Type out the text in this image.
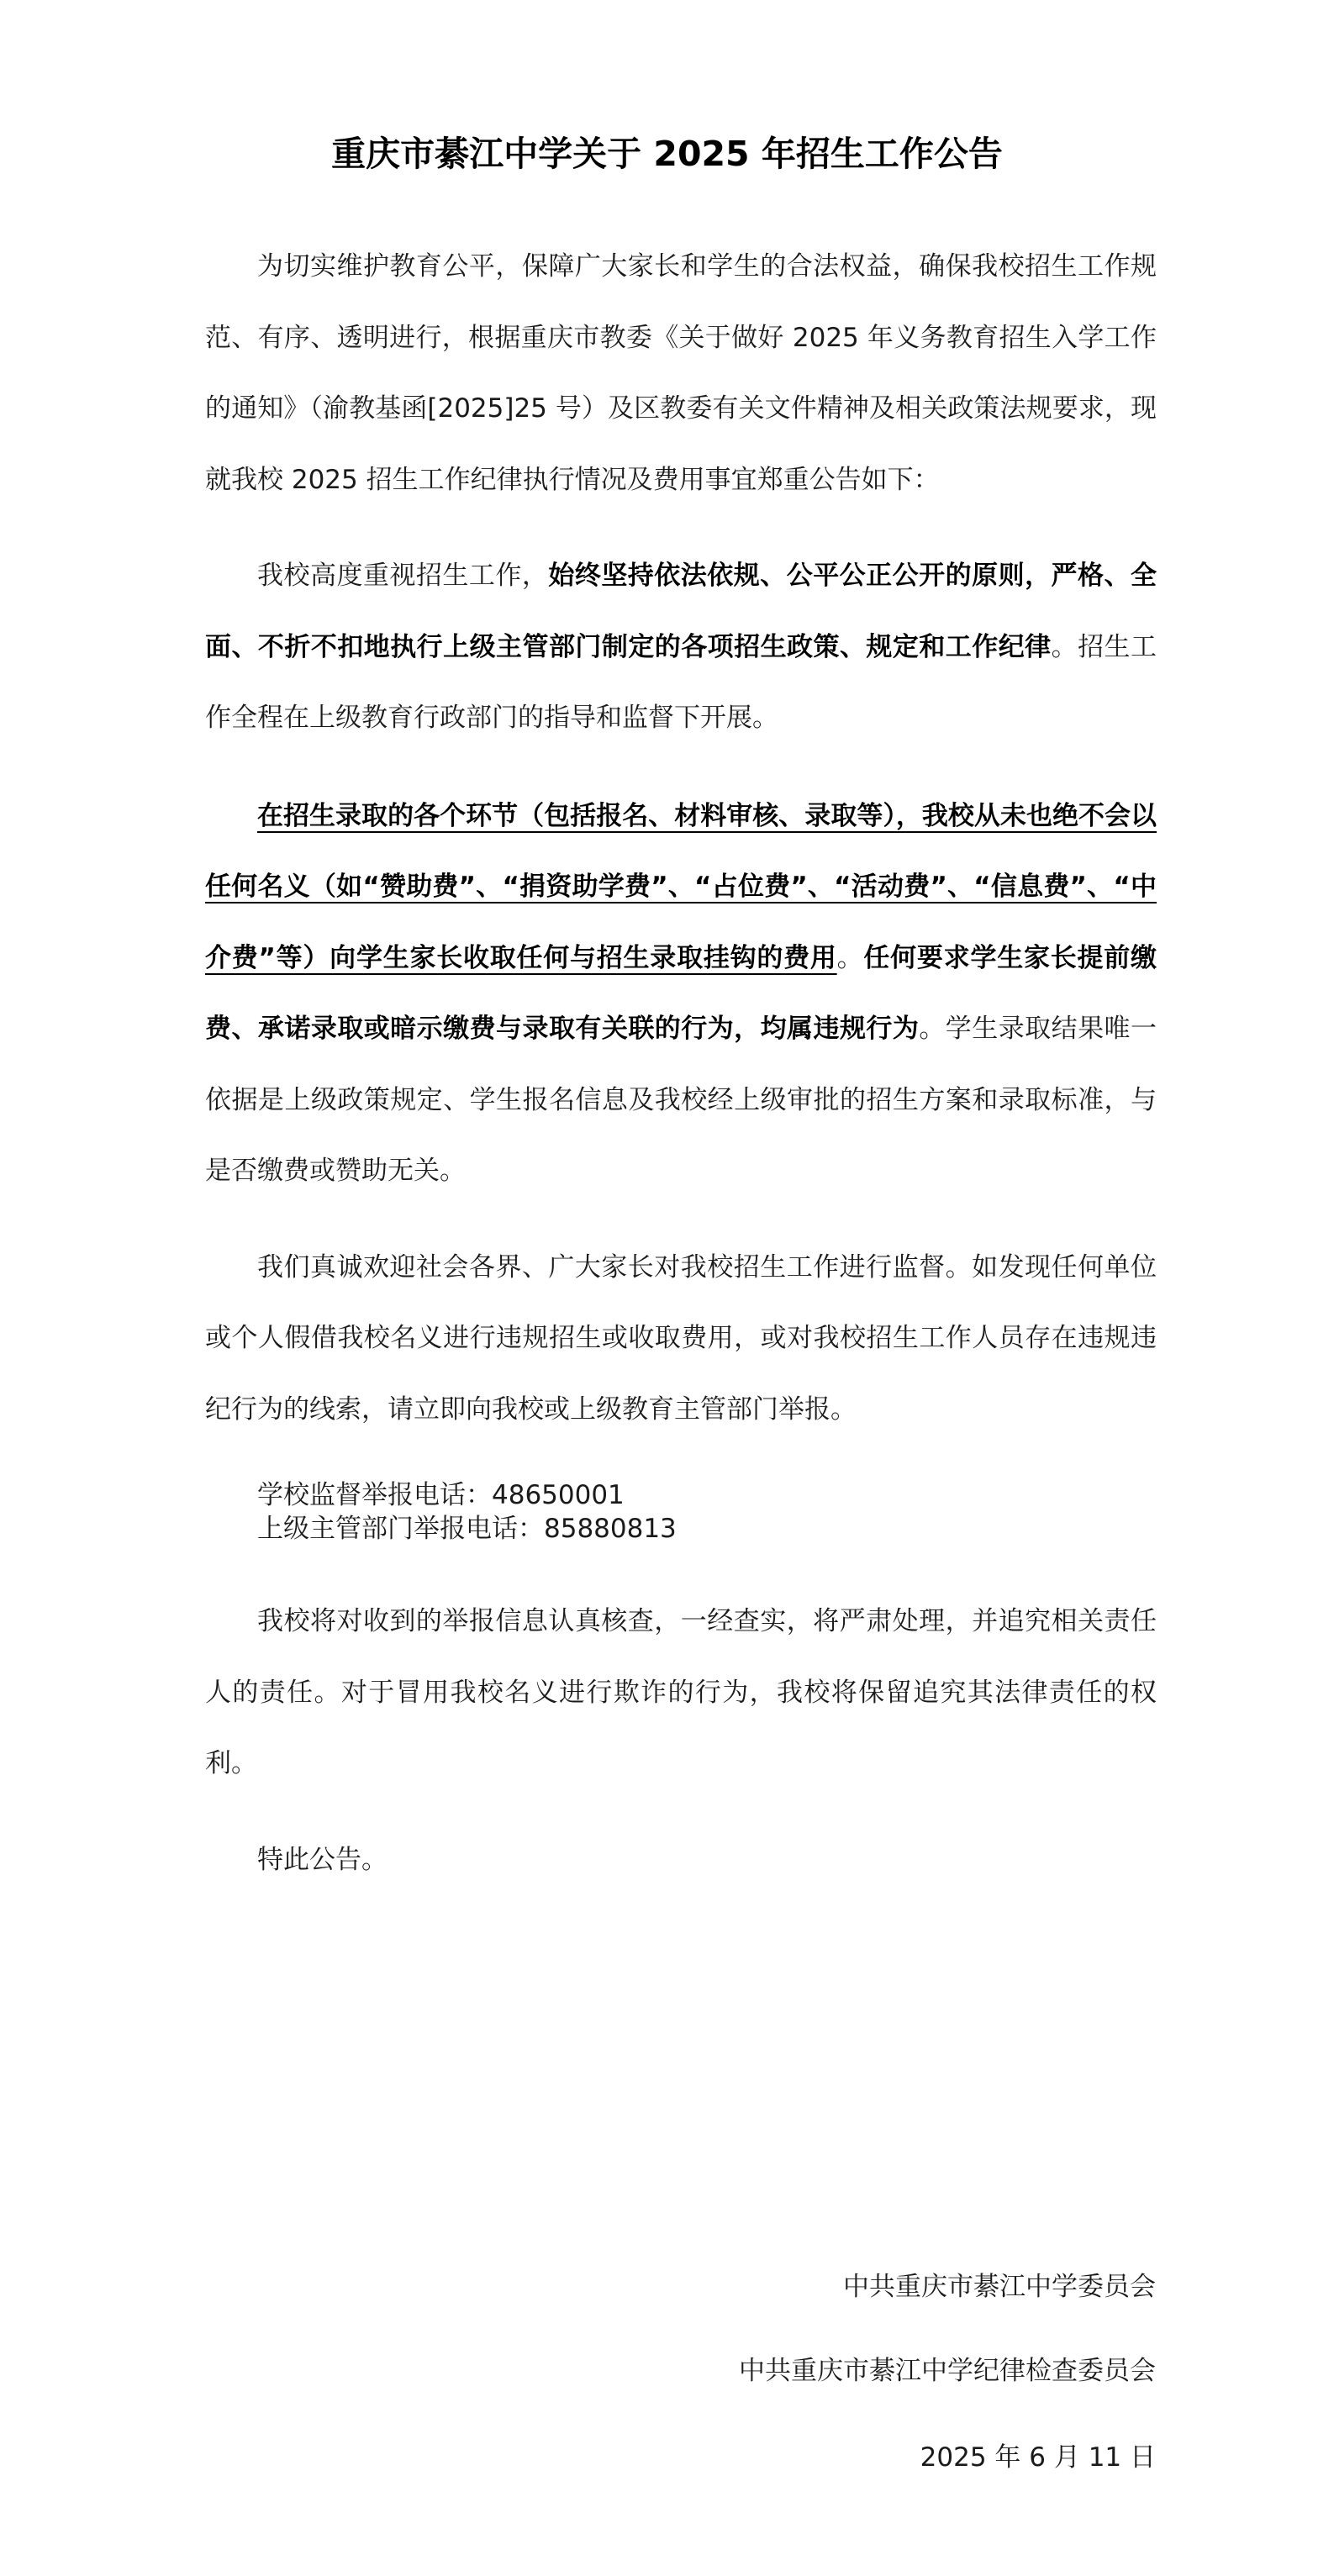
重庆市綦江中学关于 2025 年招生工作公告

为切实维护教育公平，保障广大家长和学生的合法权益，确保我校招生工作规范、有序、透明进行，根据重庆市教委《关于做好 2025 年义务教育招生入学工作的通知》（渝教基函[2025]25 号）及区教委有关文件精神及相关政策法规要求，现就我校 2025 招生工作纪律执行情况及费用事宜郑重公告如下：

我校高度重视招生工作，始终坚持依法依规、公平公正公开的原则，严格、全面、不折不扣地执行上级主管部门制定的各项招生政策、规定和工作纪律。招生工作全程在上级教育行政部门的指导和监督下开展。

在招生录取的各个环节（包括报名、材料审核、录取等），我校从未也绝不会以任何名义（如“赞助费”、“捐资助学费”、“占位费”、“活动费”、“信息费”、“中介费”等）向学生家长收取任何与招生录取挂钩的费用。任何要求学生家长提前缴费、承诺录取或暗示缴费与录取有关联的行为，均属违规行为。学生录取结果唯一依据是上级政策规定、学生报名信息及我校经上级审批的招生方案和录取标准，与是否缴费或赞助无关。

我们真诚欢迎社会各界、广大家长对我校招生工作进行监督。如发现任何单位或个人假借我校名义进行违规招生或收取费用，或对我校招生工作人员存在违规违纪行为的线索，请立即向我校或上级教育主管部门举报。

学校监督举报电话：48650001
上级主管部门举报电话：85880813

我校将对收到的举报信息认真核查，一经查实，将严肃处理，并追究相关责任人的责任。对于冒用我校名义进行欺诈的行为，我校将保留追究其法律责任的权利。

特此公告。

中共重庆市綦江中学委员会

中共重庆市綦江中学纪律检查委员会

2025 年 6 月 11 日
